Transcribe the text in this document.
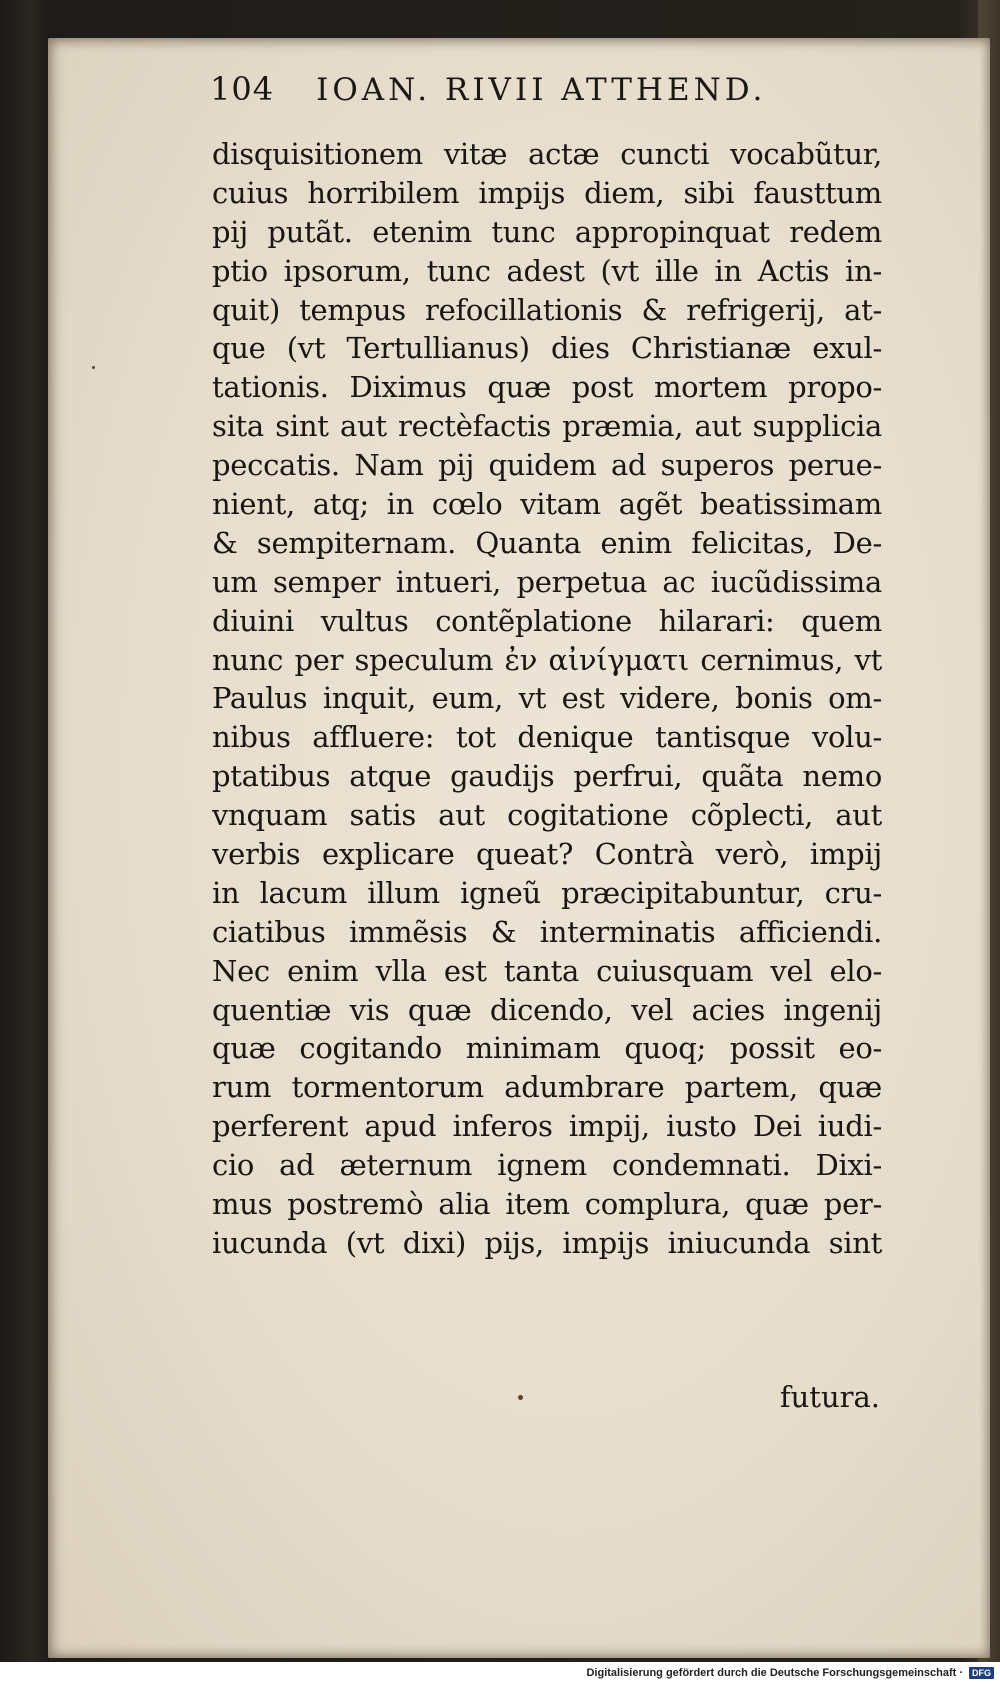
104 IOAN. RIVII ATTHEND.
disquisitionem vitæ actæ cuncti vocabũtur,
cuius horribilem impijs diem, sibi fausttum
pij putãt. etenim tunc appropinquat redem
ptio ipsorum, tunc adest (vt ille in Actis in-
quit) tempus refocillationis & refrigerij, at-
que (vt Tertullianus) dies Christianæ exul-
tationis. Diximus quæ post mortem propo-
sita sint aut rectèfactis præmia, aut supplicia
peccatis. Nam pij quidem ad superos perue-
nient, atq; in cœlo vitam agẽt beatissimam
& sempiternam. Quanta enim felicitas, De-
um semper intueri, perpetua ac iucũdissima
diuini vultus contẽplatione hilarari: quem
nunc per speculum ἐν αἰνίγματι cernimus, vt
Paulus inquit, eum, vt est videre, bonis om-
nibus affluere: tot denique tantisque volu-
ptatibus atque gaudijs perfrui, quãta nemo
vnquam satis aut cogitatione cõplecti, aut
verbis explicare queat? Contrà verò, impij
in lacum illum igneũ præcipitabuntur, cru-
ciatibus immẽsis & interminatis afficiendi.
Nec enim vlla est tanta cuiusquam vel elo-
quentiæ vis quæ dicendo, vel acies ingenij
quæ cogitando minimam quoq; possit eo-
rum tormentorum adumbrare partem, quæ
perferent apud inferos impij, iusto Dei iudi-
cio ad æternum ignem condemnati. Dixi-
mus postremò alia item complura, quæ per-
iucunda (vt dixi) pijs, impijs iniucunda sint
futura.
Digitalisierung gefördert durch die Deutsche Forschungsgemeinschaft ·	DFG
